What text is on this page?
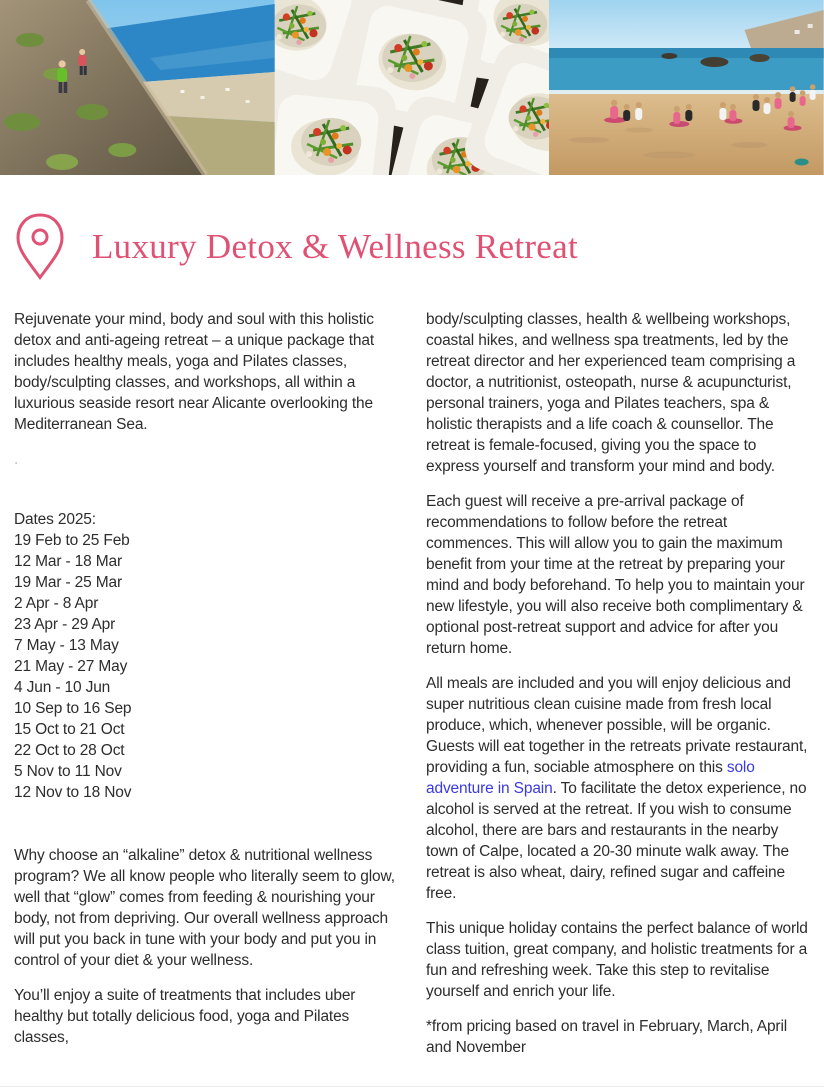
Luxury Detox & Wellness Retreat

Rejuvenate your mind, body and soul with this holistic detox and anti-ageing retreat – a unique package that includes healthy meals, yoga and Pilates classes, body/sculpting classes, and workshops, all within a luxurious seaside resort near Alicante overlooking the Mediterranean Sea.

.

Dates 2025:
19 Feb to 25 Feb
12 Mar - 18 Mar
19 Mar - 25 Mar
2 Apr - 8 Apr
23 Apr - 29 Apr
7 May - 13 May
21 May - 27 May
4 Jun - 10 Jun
10 Sep to 16 Sep
15 Oct to 21 Oct
22 Oct to 28 Oct
5 Nov to 11 Nov
12 Nov to 18 Nov

Why choose an “alkaline” detox & nutritional wellness program? We all know people who literally seem to glow, well that “glow” comes from feeding & nourishing your body, not from depriving. Our overall wellness approach will put you back in tune with your body and put you in control of your diet & your wellness.

You’ll enjoy a suite of treatments that includes uber healthy but totally delicious food, yoga and Pilates classes,

body/sculpting classes, health & wellbeing workshops, coastal hikes, and wellness spa treatments, led by the retreat director and her experienced team comprising a doctor, a nutritionist, osteopath, nurse & acupuncturist, personal trainers, yoga and Pilates teachers, spa & holistic therapists and a life coach & counsellor. The retreat is female-focused, giving you the space to express yourself and transform your mind and body.

Each guest will receive a pre-arrival package of recommendations to follow before the retreat commences. This will allow you to gain the maximum benefit from your time at the retreat by preparing your mind and body beforehand. To help you to maintain your new lifestyle, you will also receive both complimentary & optional post-retreat support and advice for after you return home.

All meals are included and you will enjoy delicious and super nutritious clean cuisine made from fresh local produce, which, whenever possible, will be organic. Guests will eat together in the retreats private restaurant, providing a fun, sociable atmosphere on this solo adventure in Spain. To facilitate the detox experience, no alcohol is served at the retreat. If you wish to consume alcohol, there are bars and restaurants in the nearby town of Calpe, located a 20-30 minute walk away. The retreat is also wheat, dairy, refined sugar and caffeine free.

This unique holiday contains the perfect balance of world class tuition, great company, and holistic treatments for a fun and refreshing week. Take this step to revitalise yourself and enrich your life.

*from pricing based on travel in February, March, April and November
